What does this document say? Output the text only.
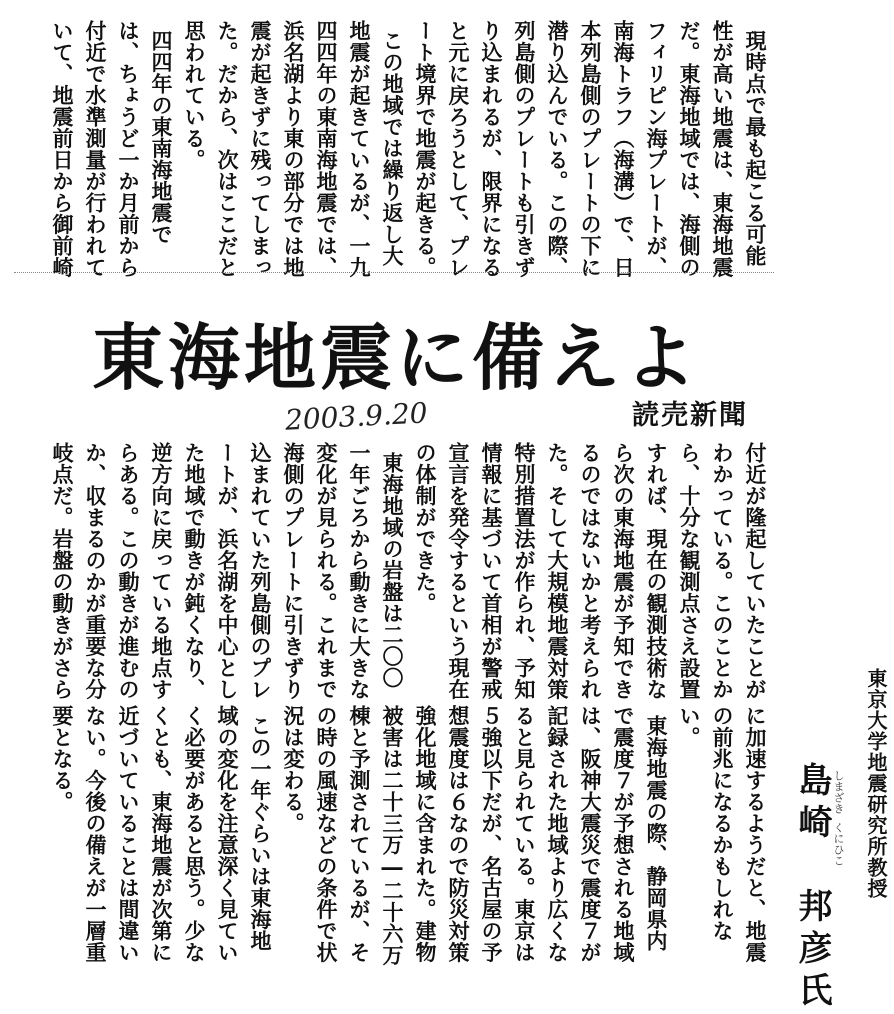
現時点で最も起こる可能
性が高い地震は、東海地震
だ。東海地域では、海側の
フィリピン海プレートが、
南海トラフ（海溝）で、日
本列島側のプレートの下に
潜り込んでいる。この際、
列島側のプレートも引きず
り込まれるが、限界になる
と元に戻ろうとして、プレ
ート境界で地震が起きる。
この地域では繰り返し大
地震が起きているが、一九
四四年の東南海地震では、
浜名湖より東の部分では地
震が起きずに残ってしまっ
た。だから、次はここだと
思われている。
四四年の東南海地震で
は、ちょうど一か月前から
付近で水準測量が行われて
いて、地震前日から御前崎
東海地震に備えよ
2003.9.20	読売新聞
付近が隆起していたことが
わかっている。このことか
ら、十分な観測点さえ設置
すれば、現在の観測技術な
ら次の東海地震が予知でき
るのではないかと考えられ
た。そして大規模地震対策
特別措置法が作られ、予知
情報に基づいて首相が警戒
宣言を発令するという現在
の体制ができた。
東海地域の岩盤は二〇〇
一年ごろから動きに大きな
変化が見られる。これまで
海側のプレートに引きずり
込まれていた列島側のプレ
ートが、浜名湖を中心とし
た地域で動きが鈍くなり、
逆方向に戻っている地点す
らある。この動きが進むの
か、収まるのかが重要な分
岐点だ。岩盤の動きがさら
に加速するようだと、地震
の前兆になるかもしれな
い。
東海地震の際、静岡県内
で震度７が予想される地域
は、阪神大震災で震度７が
記録された地域より広くな
ると見られている。東京は
５強以下だが、名古屋の予
想震度は６なので防災対策
強化地域に含まれた。建物
被害は二十三万―二十六万
棟と予測されているが、そ
の時の風速などの条件で状
況は変わる。
この一年ぐらいは東海地
域の変化を注意深く見てい
く必要があると思う。少な
くとも、東海地震が次第に
近づいていることは間違い
ない。今後の備えが一層重
要となる。	東京大学地震研究所教授
島崎　邦彦氏 しまざき
くにひこ
